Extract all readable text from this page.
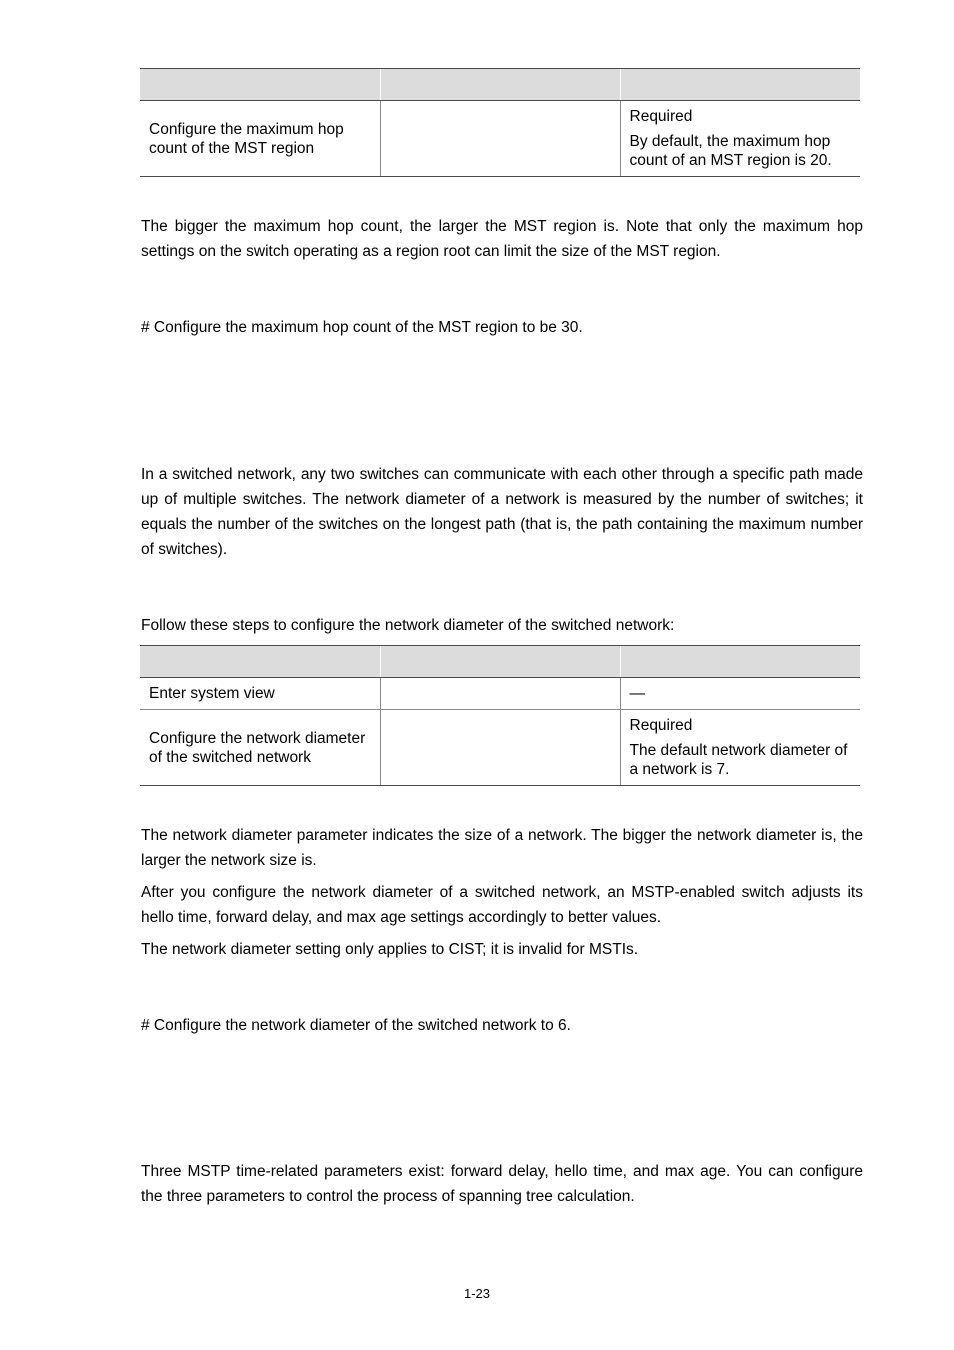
Configure the maximum hop count of the MST region		Required

By default, the maximum hop count of an MST region is 20.

The bigger the maximum hop count, the larger the MST region is. Note that only the maximum hop settings on the switch operating as a region root can limit the size of the MST region.

# Configure the maximum hop count of the MST region to be 30.

In a switched network, any two switches can communicate with each other through a specific path made up of multiple switches. The network diameter of a network is measured by the number of switches; it equals the number of the switches on the longest path (that is, the path containing the maximum number of switches).

Follow these steps to configure the network diameter of the switched network:

Enter system view		—
Configure the network diameter of the switched network		Required

The default network diameter of a network is 7.

The network diameter parameter indicates the size of a network. The bigger the network diameter is, the larger the network size is.

After you configure the network diameter of a switched network, an MSTP-enabled switch adjusts its hello time, forward delay, and max age settings accordingly to better values.

The network diameter setting only applies to CIST; it is invalid for MSTIs.

# Configure the network diameter of the switched network to 6.

Three MSTP time-related parameters exist: forward delay, hello time, and max age. You can configure the three parameters to control the process of spanning tree calculation.

1-23
